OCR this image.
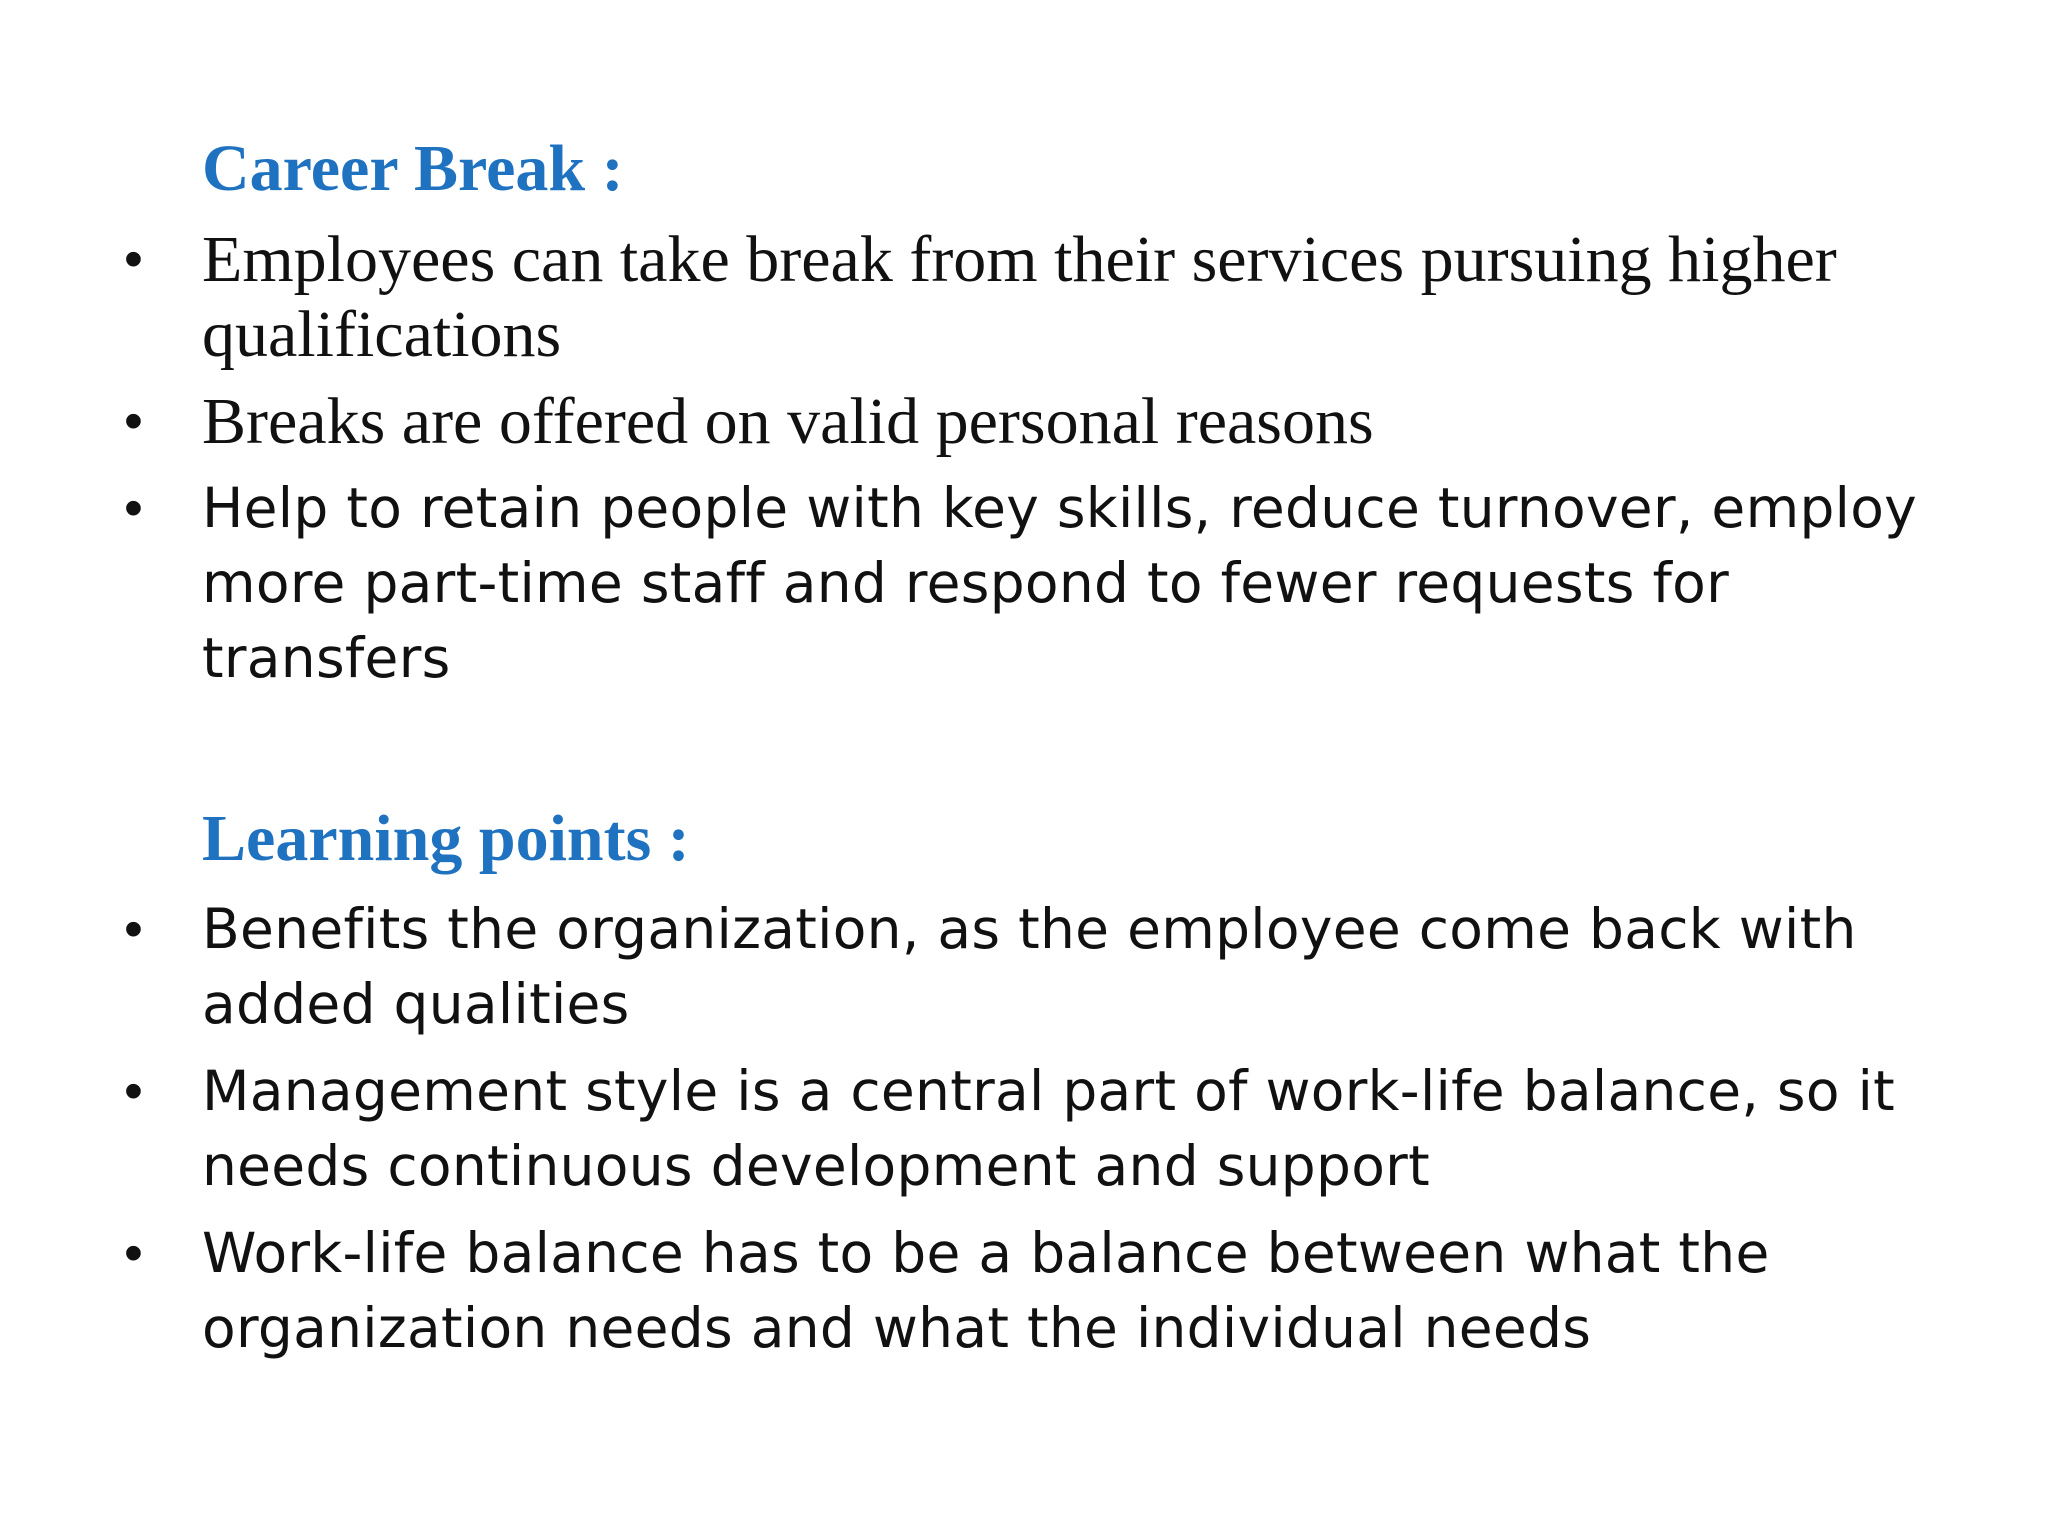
Career Break :
• Employees can take break from their services pursuing higher qualifications
• Breaks are offered on valid personal reasons
•	Help to retain people with key skills, reduce turnover, employ more part-time staff and respond to fewer requests for transfers
Learning points :
•	Benefits the organization, as the employee come back with added qualities
•	Management style is a central part of work-life balance, so it needs continuous development and support
•	Work-life balance has to be a balance between what the organization needs and what the individual needs
